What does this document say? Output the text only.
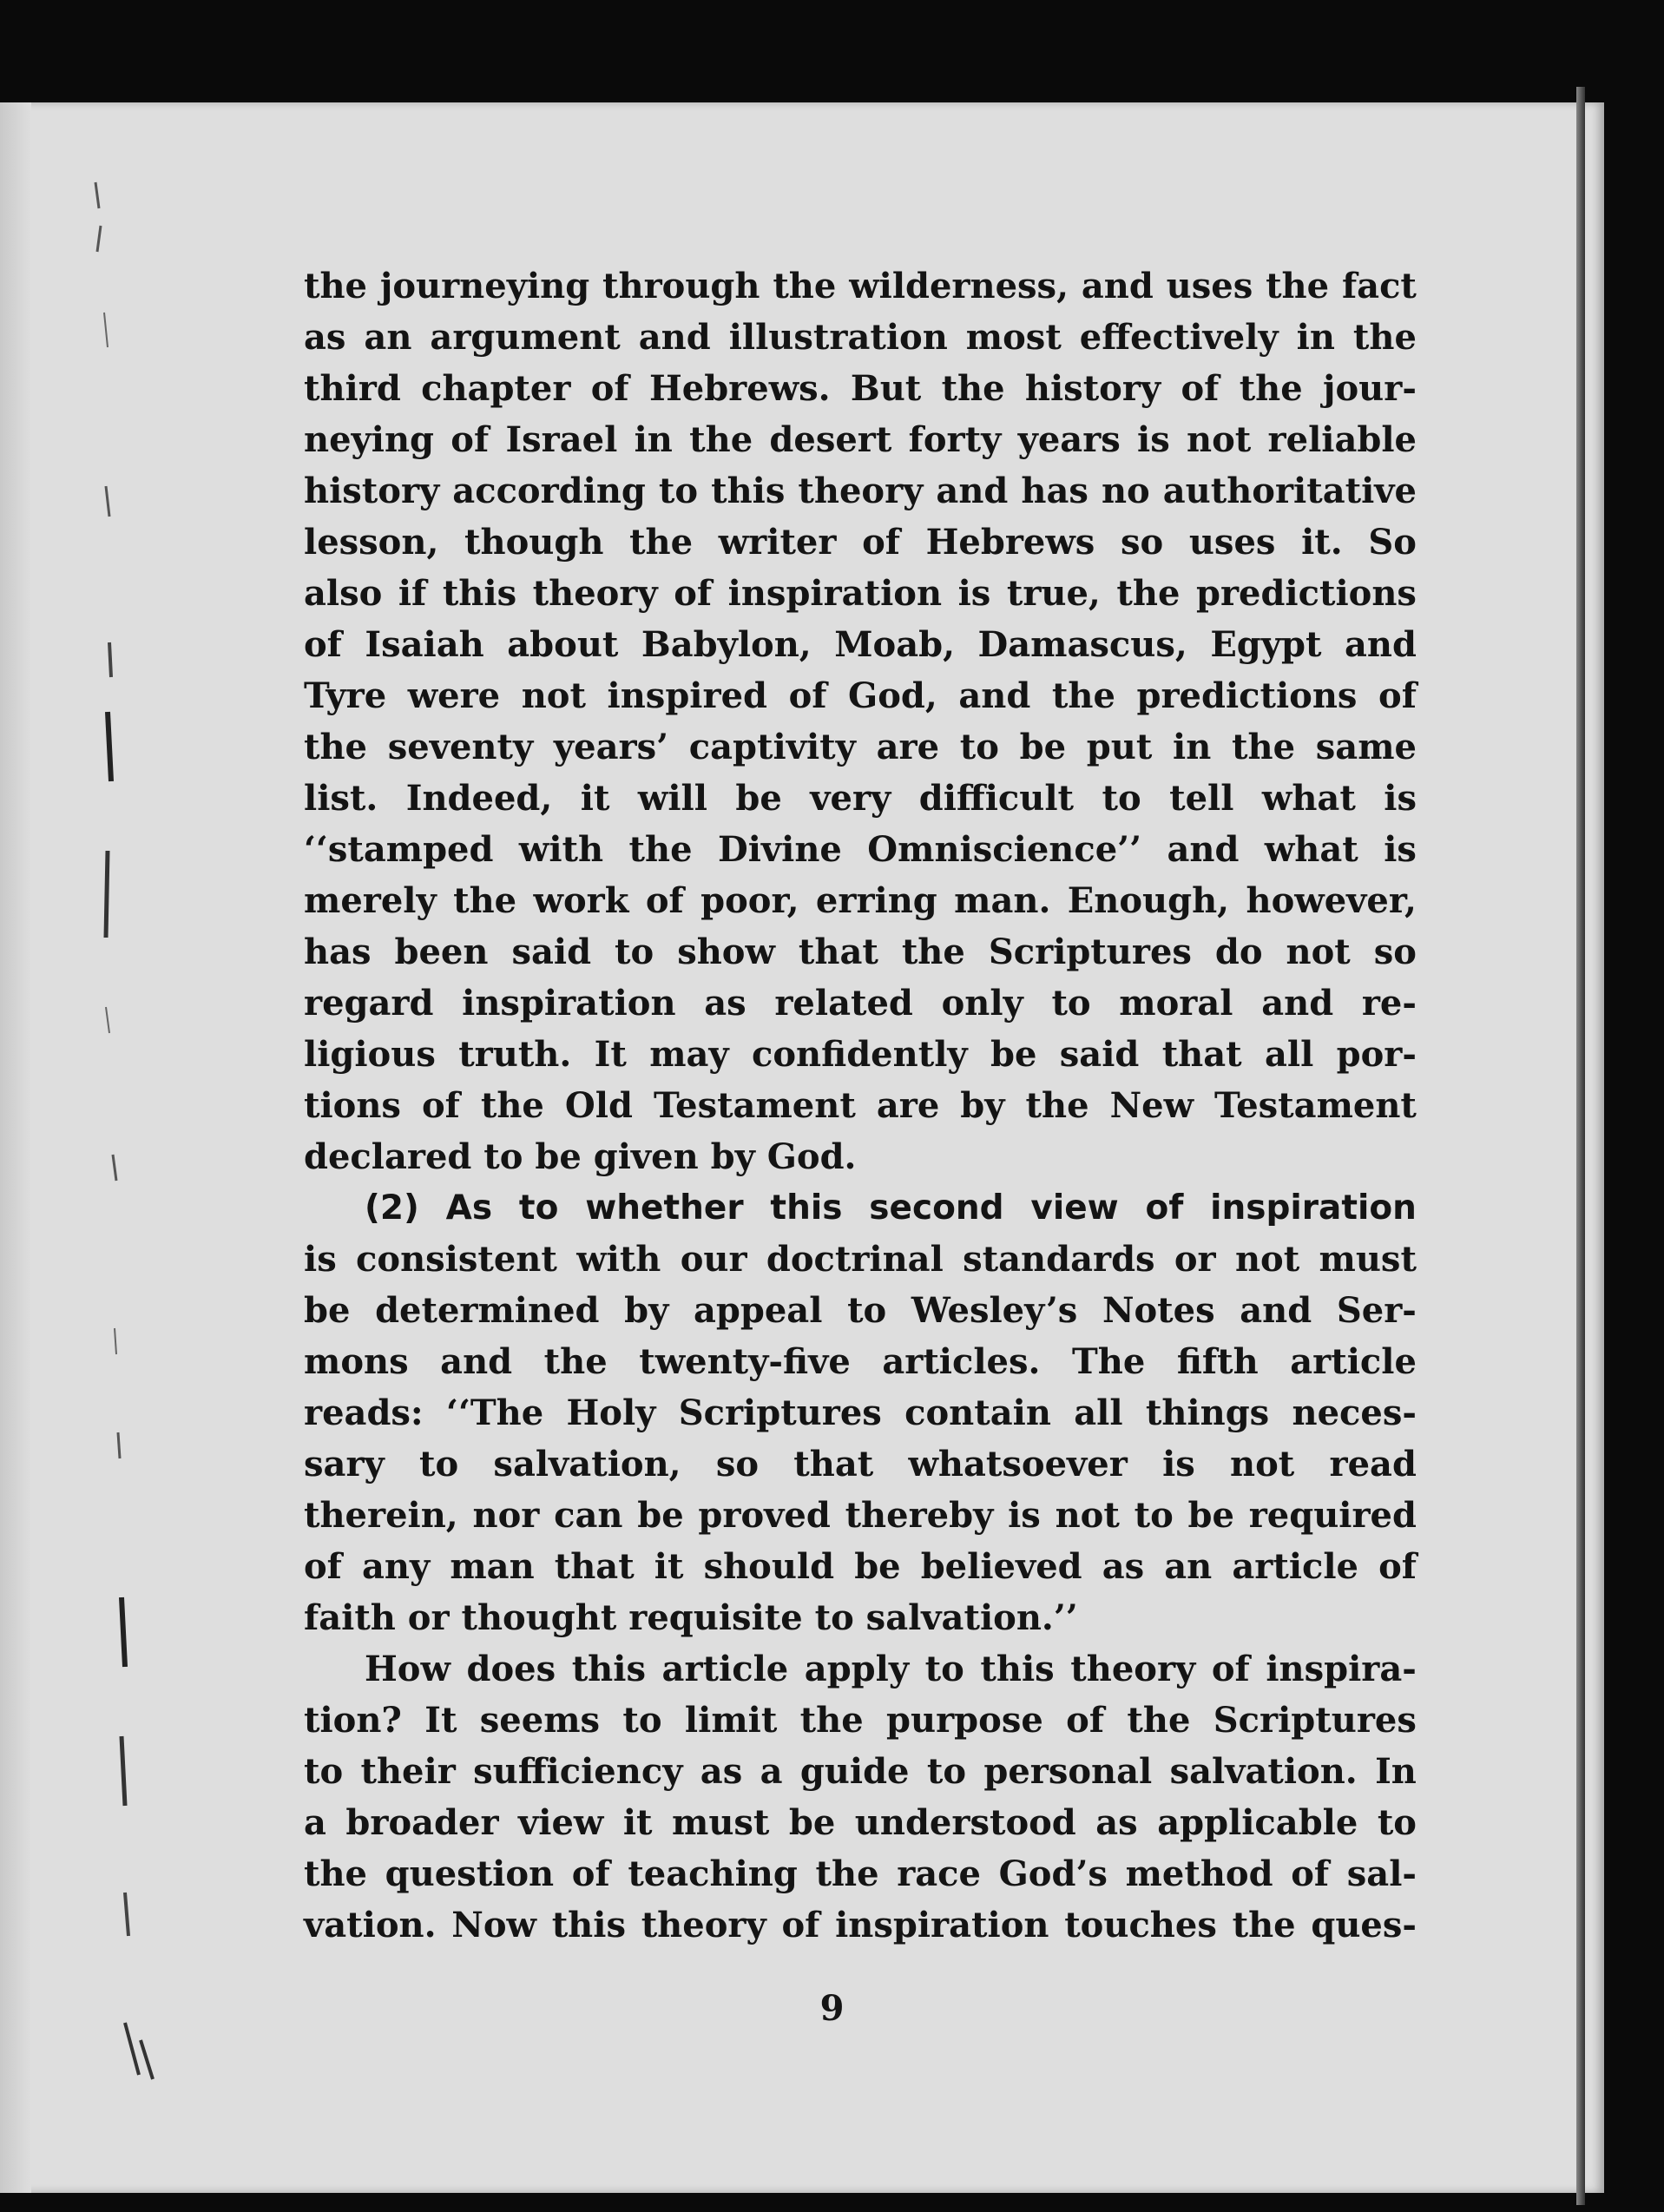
the journeying through the wilderness, and uses the fact
as an argument and illustration most effectively in the
third chapter of Hebrews. But the history of the jour-
neying of Israel in the desert forty years is not reliable
history according to this theory and has no authoritative
lesson, though the writer of Hebrews so uses it. So
also if this theory of inspiration is true, the predictions
of Isaiah about Babylon, Moab, Damascus, Egypt and
Tyre were not inspired of God, and the predictions of
the seventy years’ captivity are to be put in the same
list. Indeed, it will be very difficult to tell what is
‘‘stamped with the Divine Omniscience’’ and what is
merely the work of poor, erring man. Enough, however,
has been said to show that the Scriptures do not so
regard inspiration as related only to moral and re-
ligious truth. It may confidently be said that all por-
tions of the Old Testament are by the New Testament
declared to be given by God.
(2) As to whether this second view of inspiration
is consistent with our doctrinal standards or not must
be determined by appeal to Wesley’s Notes and Ser-
mons and the twenty-five articles. The fifth article
reads: ‘‘The Holy Scriptures contain all things neces-
sary to salvation, so that whatsoever is not read
therein, nor can be proved thereby is not to be required
of any man that it should be believed as an article of
faith or thought requisite to salvation.’’
How does this article apply to this theory of inspira-
tion? It seems to limit the purpose of the Scriptures
to their sufficiency as a guide to personal salvation. In
a broader view it must be understood as applicable to
the question of teaching the race God’s method of sal-
vation. Now this theory of inspiration touches the ques-
9
